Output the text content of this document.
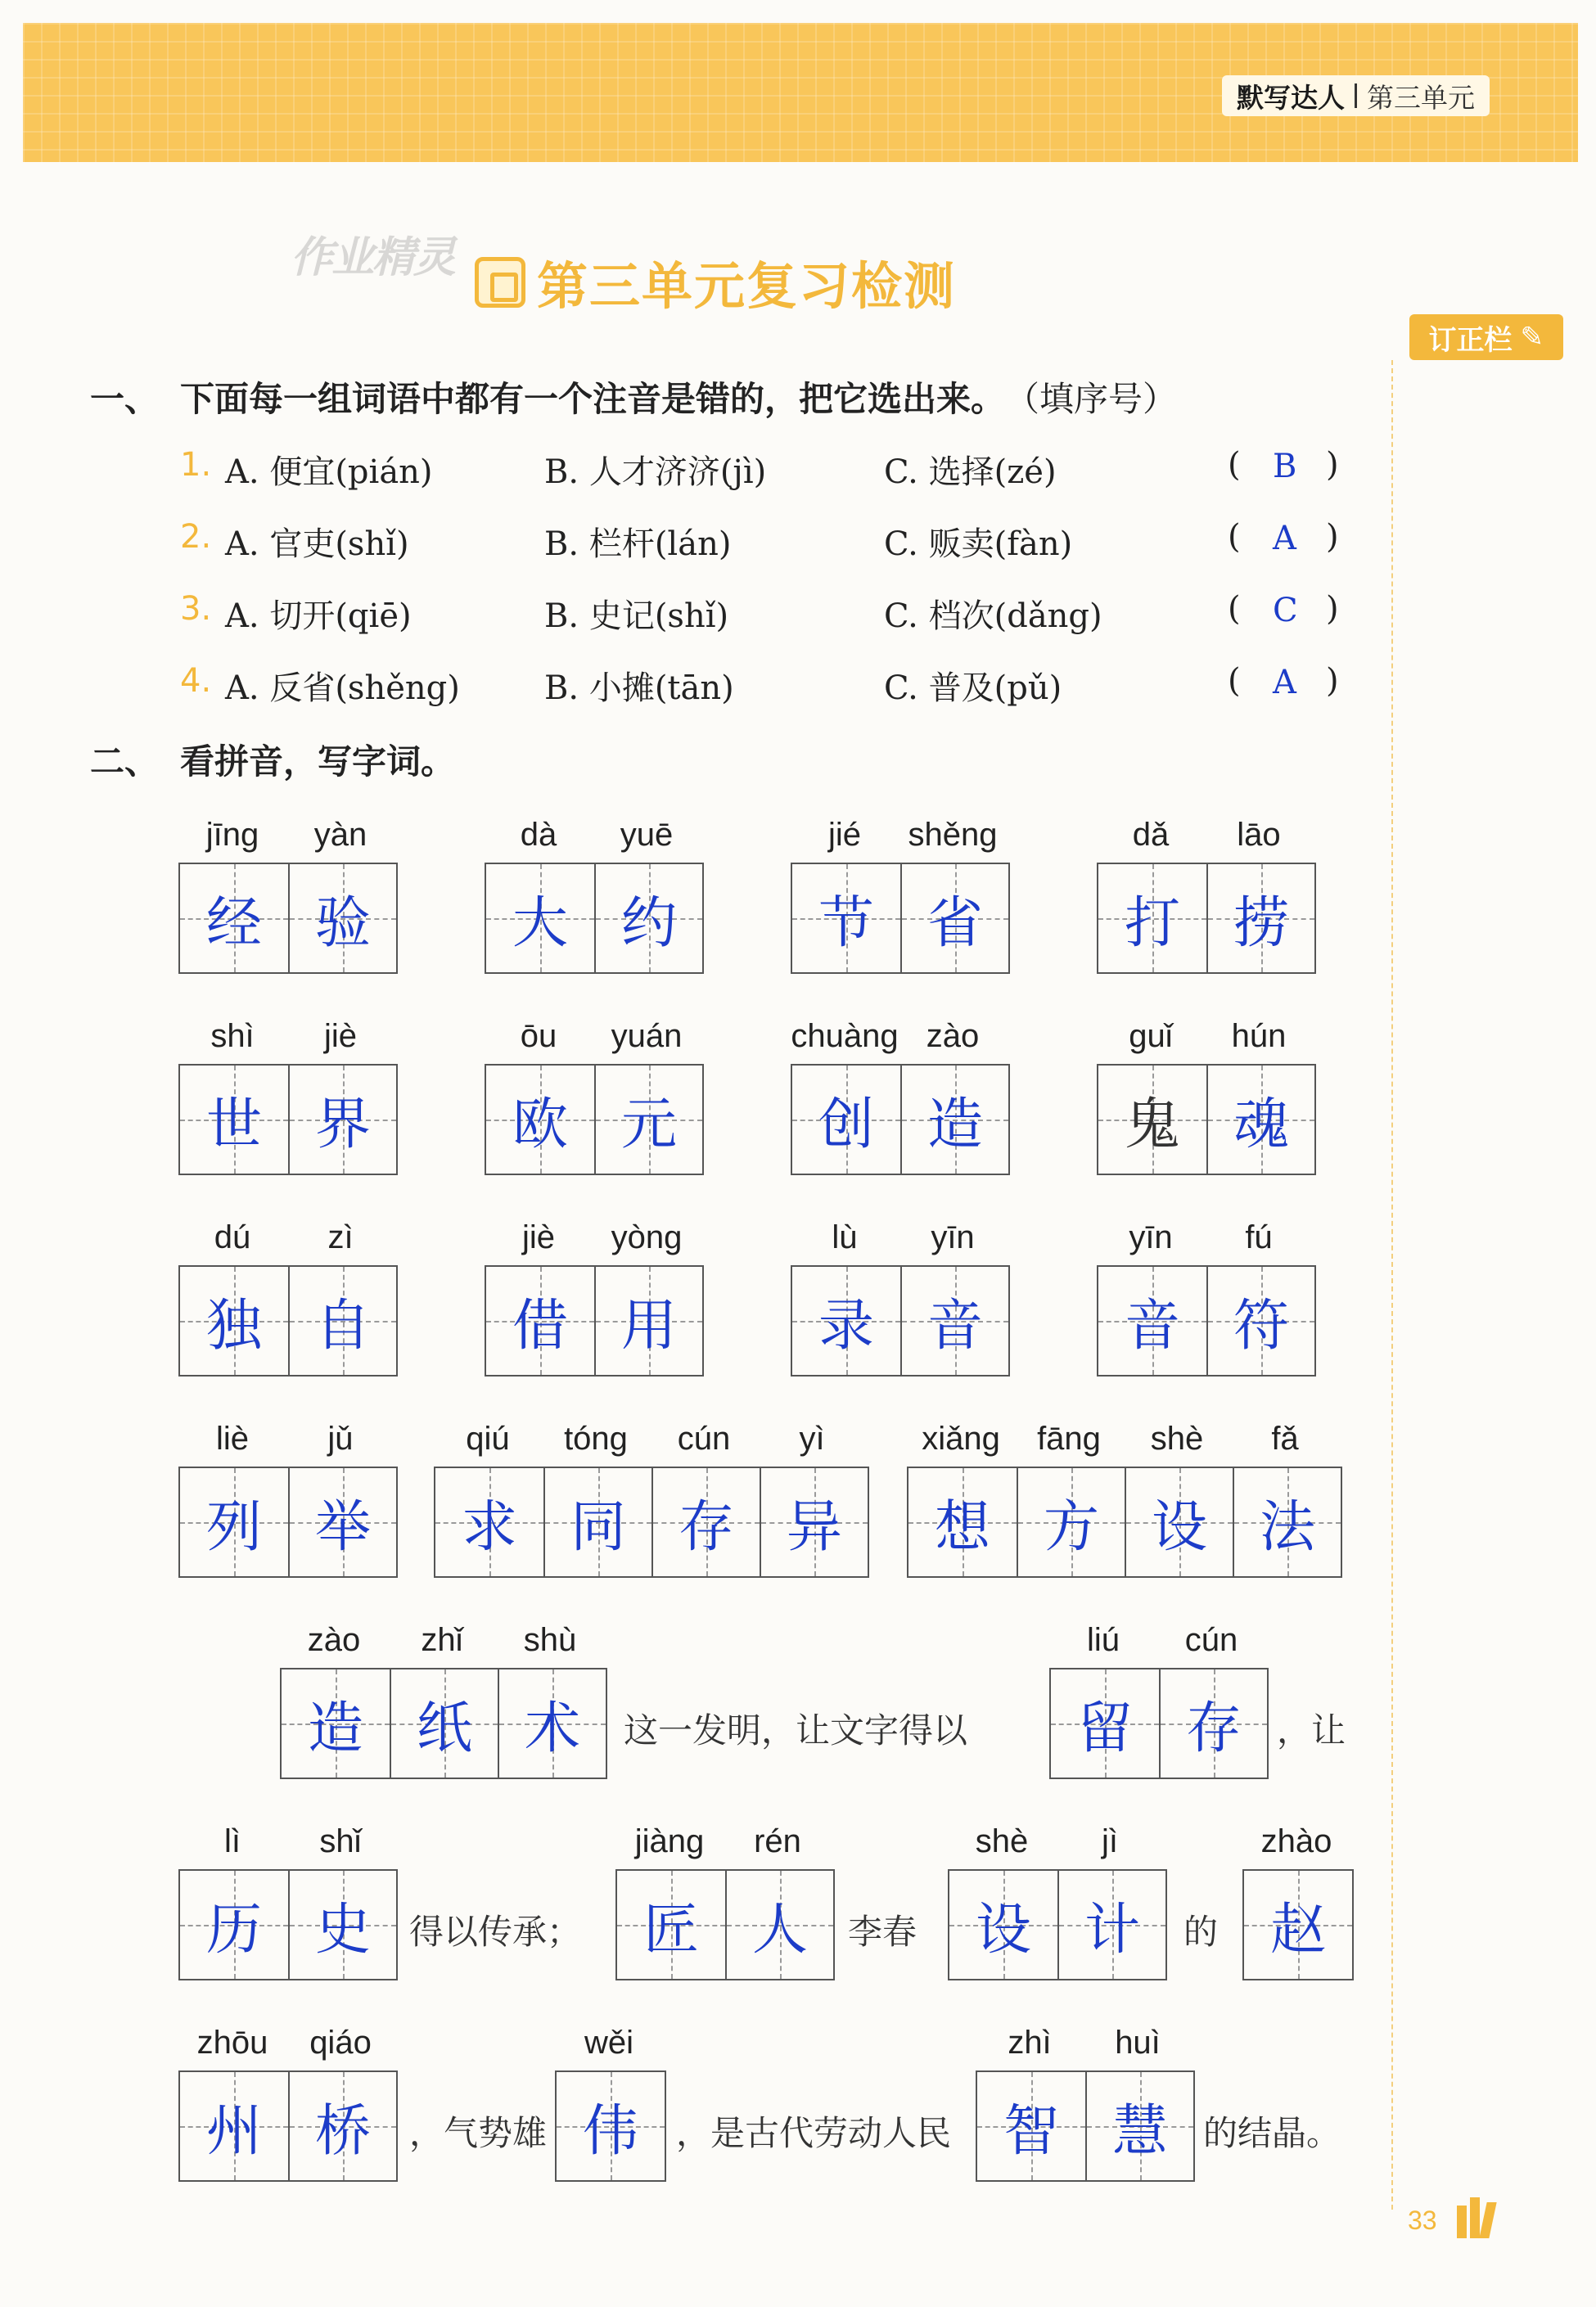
默写达人 第三单元
作业精灵 第三单元复习检测
订正栏 ✎
一、 下面每一组词语中都有一个注音是错的，把它选出来。 （填序号）
1. A. 便宜(pián)	B. 人才济济(jì)	C. 选择(zé)	( B )
2. A. 官吏(shǐ)	B. 栏杆(lán)	C. 贩卖(fàn)	( A )
3. A. 切开(qiē)	B. 史记(shǐ)	C. 档次(dǎng)	( C )
4. A. 反省(shěng)	B. 小摊(tān)	C. 普及(pǔ)	( A )
二、 看拼音，写字词。
jīng	yàn
经 验
dà	yuē
大 约
jié	shěng
节 省
dǎ	lāo
打 捞
shì	jiè
世 界
ōu	yuán
欧 元
chuàng zào
创 造
guǐ	hún
鬼 魂
dú	zì
独 自
jiè	yòng
借 用
lù	yīn
录 音
yīn	fú
音 符
liè	jǔ
列 举
qiú	tóng	cún	yì
求 同 存 异
xiǎng	fāng	shè	fǎ
想 方 设 法
zào	zhǐ	shù
造 纸 术 这一发明，让文字得以
liú	cún
留 存 ，让
lì	shǐ
历 史 得以传承；
jiàng	rén
匠 人 李春
shè	jì
设 计 的
zhào
赵
zhōu	qiáo
州 桥 ，气势雄
wěi
伟 ，是古代劳动人民
zhì	huì
智 慧 的结晶。
33
